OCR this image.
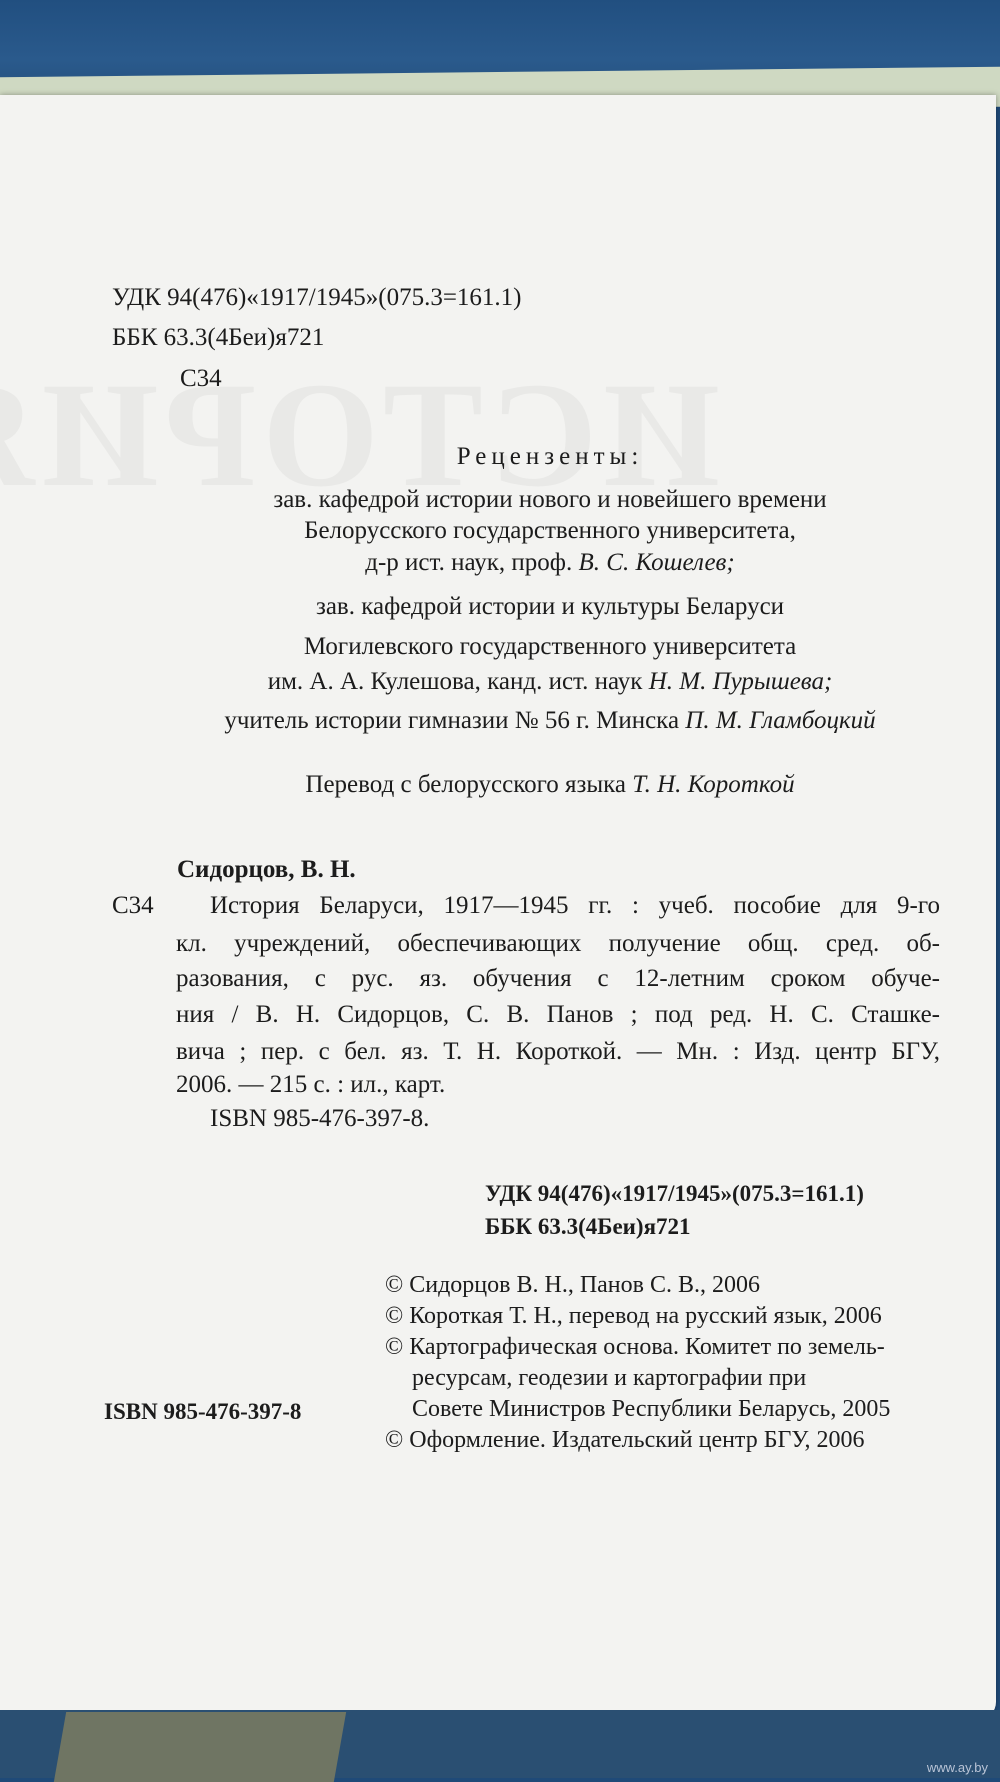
www.ay.by
УДК 94(476)«1917/1945»(075.3=161.1)
ББК 63.3(4Беи)я721
С34
Рецензенты:
зав. кафедрой истории нового и новейшего времени
Белорусского государственного университета,
д-р ист. наук, проф. В. С. Кошелев;
зав. кафедрой истории и культуры Беларуси
Могилевского государственного университета
им. А. А. Кулешова, канд. ист. наук Н. М. Пурышева;
учитель истории гимназии № 56 г. Минска П. М. Гламбоцкий
Перевод с белорусского языка Т. Н. Короткой
Сидорцов, В. Н.
С34 История Беларуси, 1917—1945 гг. : учеб. пособие для 9-го
кл. учреждений, обеспечивающих получение общ. сред. об-
разования, с рус. яз. обучения с 12-летним сроком обуче-
ния / В. Н. Сидорцов, С. В. Панов ; под ред. Н. С. Сташке-
вича ; пер. с бел. яз. Т. Н. Короткой. — Мн. : Изд. центр БГУ,
2006. — 215 с. : ил., карт.
ISBN 985-476-397-8.
УДК 94(476)«1917/1945»(075.3=161.1)
ББК 63.3(4Беи)я721
© Сидорцов В. Н., Панов С. В., 2006
© Короткая Т. Н., перевод на русский язык, 2006
© Картографическая основа. Комитет по земель-
ресурсам, геодезии и картографии при
Совете Министров Республики Беларусь, 2005
© Оформление. Издательский центр БГУ, 2006
ISBN 985-476-397-8
